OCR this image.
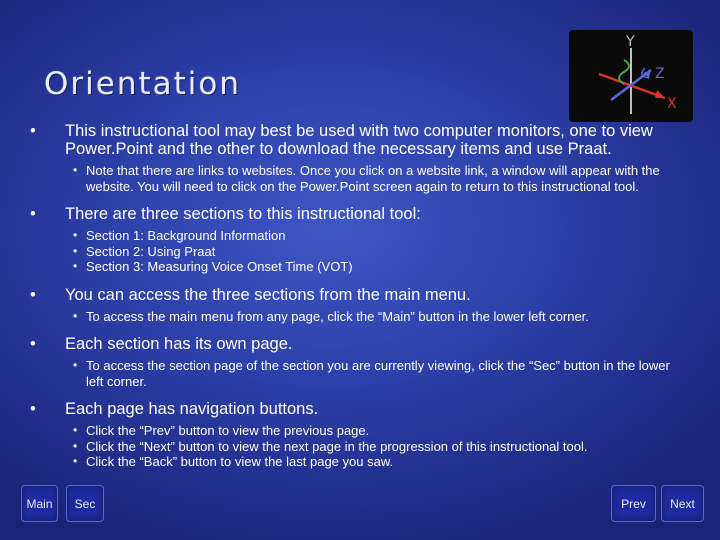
Orientation
Y
Z
X
• This instructional tool may best be used with two computer monitors, one to view Power.Point and the other to download the necessary items and use Praat.
• Note that there are links to websites. Once you click on a website link, a window will appear with the website. You will need to click on the Power.Point screen again to return to this instructional tool.
• There are three sections to this instructional tool:
• Section 1: Background Information
• Section 2: Using Praat
• Section 3: Measuring Voice Onset Time (VOT)
• You can access the three sections from the main menu.
• To access the main menu from any page, click the “Main” button in the lower left corner.
• Each section has its own page.
• To access the section page of the section you are currently viewing, click the “Sec” button in the lower left corner.
• Each page has navigation buttons.
• Click the “Prev” button to view the previous page.
• Click the “Next” button to view the next page in the progression of this instructional tool.
• Click the “Back” button to view the last page you saw.
Main	Sec	Prev	Next
